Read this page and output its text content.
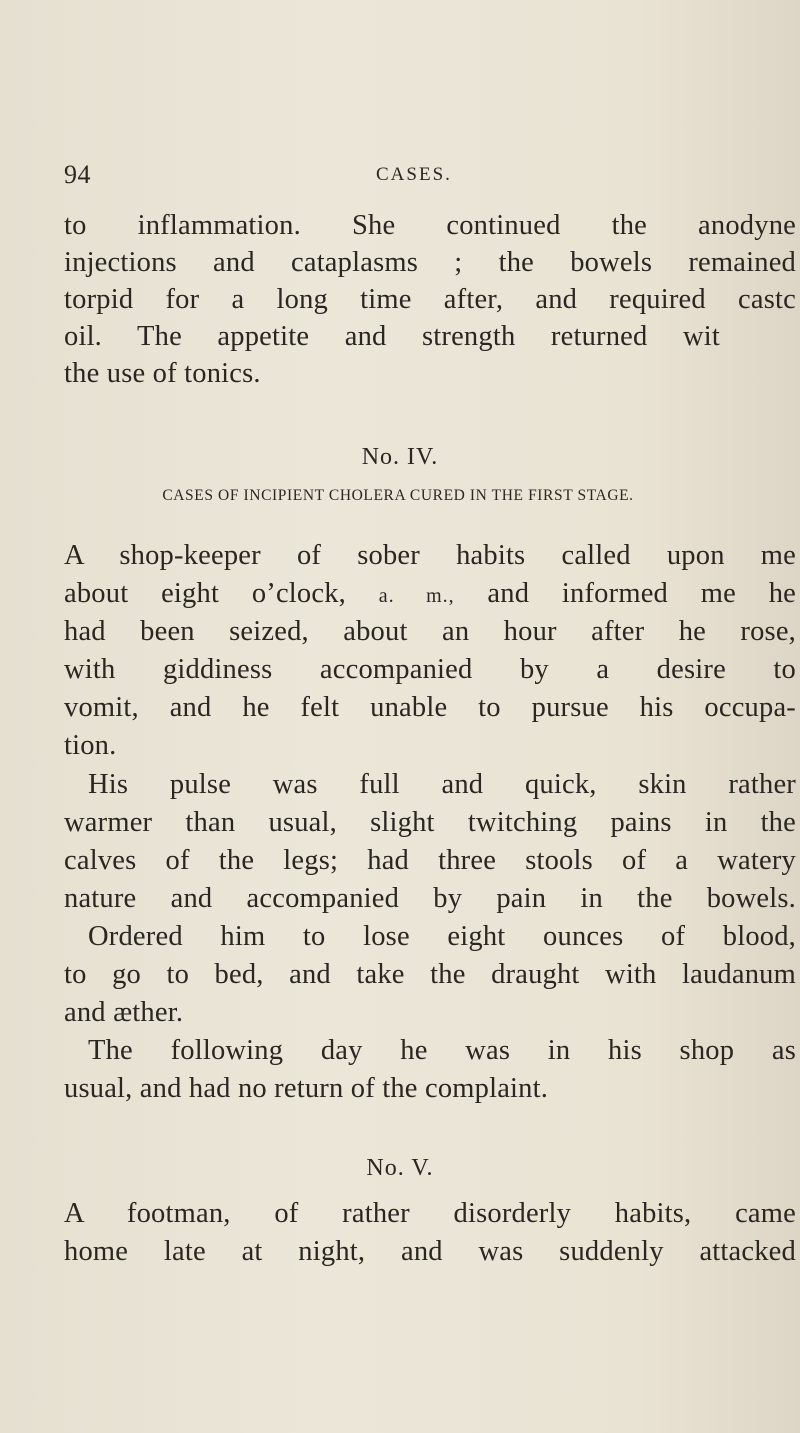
94	CASES.
to inflammation. She continued the anodyne
injections and cataplasms ; the bowels remained
torpid for a long time after, and required castc
oil. The appetite and strength returned wit
the use of tonics.
No. IV.
CASES OF INCIPIENT CHOLERA CURED IN THE FIRST STAGE.
A shop-keeper of sober habits called upon me
about eight o’clock, a. m., and informed me he
had been seized, about an hour after he rose,
with giddiness accompanied by a desire to
vomit, and he felt unable to pursue his occupa-
tion.
His pulse was full and quick, skin rather
warmer than usual, slight twitching pains in the
calves of the legs; had three stools of a watery
nature and accompanied by pain in the bowels.
Ordered him to lose eight ounces of blood,
to go to bed, and take the draught with laudanum
and æther.
The following day he was in his shop as
usual, and had no return of the complaint.
No. V.
A footman, of rather disorderly habits, came
home late at night, and was suddenly attacked
